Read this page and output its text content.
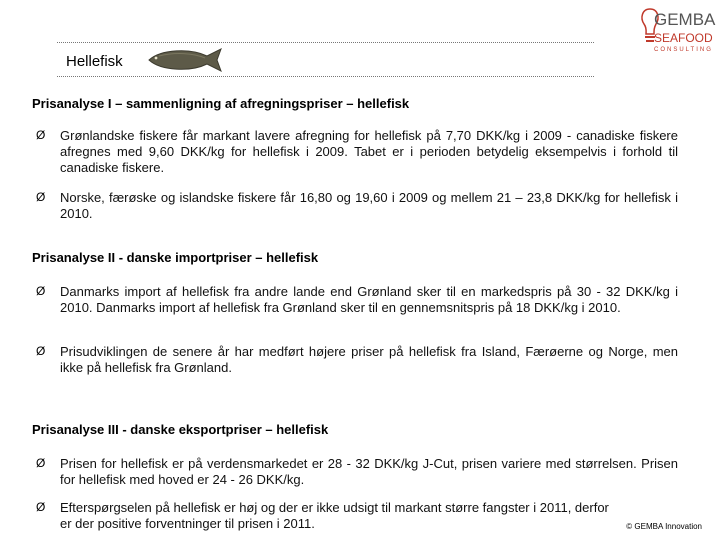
Hellefisk
GEMBA
SEAFOOD
CONSULTING
Prisanalyse I – sammenligning af afregningspriser – hellefisk
Ø Grønlandske fiskere får markant lavere afregning for hellefisk på 7,70 DKK/kg i 2009 - canadiske fiskere afregnes med 9,60 DKK/kg for hellefisk i 2009. Tabet er i perioden betydelig eksempelvis i forhold til canadiske fiskere.
Ø Norske, færøske og islandske fiskere får 16,80 og 19,60 i 2009 og mellem 21 – 23,8 DKK/kg for hellefisk i 2010.
Prisanalyse II - danske importpriser – hellefisk
Ø Danmarks import af hellefisk fra andre lande end Grønland sker til en markedspris på 30 - 32 DKK/kg i 2010. Danmarks import af hellefisk fra Grønland sker til en gennemsnitspris på 18 DKK/kg i 2010.
Ø Prisudviklingen de senere år har medført højere priser på hellefisk fra Island, Færøerne og Norge, men ikke på hellefisk fra Grønland.
Prisanalyse III - danske eksportpriser – hellefisk
Ø Prisen for hellefisk er på verdensmarkedet er 28 - 32 DKK/kg J-Cut, prisen variere med størrelsen. Prisen for hellefisk med hoved er 24 - 26 DKK/kg.
Ø Efterspørgselen på hellefisk er høj og der er ikke udsigt til markant større fangster i 2011, derfor er der positive forventninger til prisen i 2011.	© GEMBA Innovation
